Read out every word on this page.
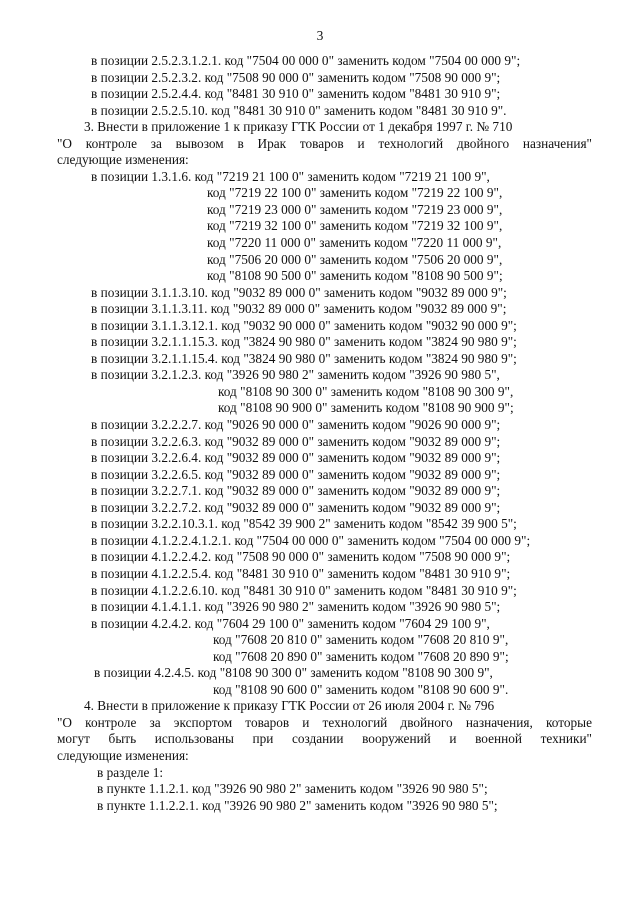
3
в позиции 2.5.2.3.1.2.1. код "7504 00 000 0" заменить кодом "7504 00 000 9";
в позиции 2.5.2.3.2. код "7508 90 000 0" заменить кодом "7508 90 000 9";
в позиции 2.5.2.4.4. код "8481 30 910 0" заменить кодом "8481 30 910 9";
в позиции 2.5.2.5.10. код "8481 30 910 0" заменить кодом "8481 30 910 9".
3. Внести в приложение 1 к приказу ГТК России от 1 декабря 1997 г. № 710
"О контроле за вывозом в Ирак товаров и технологий двойного назначения"
следующие изменения:
в позиции 1.3.1.6. код "7219 21 100 0" заменить кодом "7219 21 100 9",
код "7219 22 100 0" заменить кодом "7219 22 100 9",
код "7219 23 000 0" заменить кодом "7219 23 000 9",
код "7219 32 100 0" заменить кодом "7219 32 100 9",
код "7220 11 000 0" заменить кодом "7220 11 000 9",
код "7506 20 000 0" заменить кодом "7506 20 000 9",
код "8108 90 500 0" заменить кодом "8108 90 500 9";
в позиции 3.1.1.3.10. код "9032 89 000 0" заменить кодом "9032 89 000 9";
в позиции 3.1.1.3.11. код "9032 89 000 0" заменить кодом "9032 89 000 9";
в позиции 3.1.1.3.12.1. код "9032 90 000 0" заменить кодом "9032 90 000 9";
в позиции 3.2.1.1.15.3. код "3824 90 980 0" заменить кодом "3824 90 980 9";
в позиции 3.2.1.1.15.4. код "3824 90 980 0" заменить кодом "3824 90 980 9";
в позиции 3.2.1.2.3. код "3926 90 980 2" заменить кодом "3926 90 980 5",
код "8108 90 300 0" заменить кодом "8108 90 300 9",
код "8108 90 900 0" заменить кодом "8108 90 900 9";
в позиции 3.2.2.2.7. код "9026 90 000 0" заменить кодом "9026 90 000 9";
в позиции 3.2.2.6.3. код "9032 89 000 0" заменить кодом "9032 89 000 9";
в позиции 3.2.2.6.4. код "9032 89 000 0" заменить кодом "9032 89 000 9";
в позиции 3.2.2.6.5. код "9032 89 000 0" заменить кодом "9032 89 000 9";
в позиции 3.2.2.7.1. код "9032 89 000 0" заменить кодом "9032 89 000 9";
в позиции 3.2.2.7.2. код "9032 89 000 0" заменить кодом "9032 89 000 9";
в позиции 3.2.2.10.3.1. код "8542 39 900 2" заменить кодом "8542 39 900 5";
в позиции 4.1.2.2.4.1.2.1. код "7504 00 000 0" заменить кодом "7504 00 000 9";
в позиции 4.1.2.2.4.2. код "7508 90 000 0" заменить кодом "7508 90 000 9";
в позиции 4.1.2.2.5.4. код "8481 30 910 0" заменить кодом "8481 30 910 9";
в позиции 4.1.2.2.6.10. код "8481 30 910 0" заменить кодом "8481 30 910 9";
в позиции 4.1.4.1.1. код "3926 90 980 2" заменить кодом "3926 90 980 5";
в позиции 4.2.4.2. код "7604 29 100 0" заменить кодом "7604 29 100 9",
код "7608 20 810 0" заменить кодом "7608 20 810 9",
код "7608 20 890 0" заменить кодом "7608 20 890 9";
в позиции 4.2.4.5. код "8108 90 300 0" заменить кодом "8108 90 300 9",
код "8108 90 600 0" заменить кодом "8108 90 600 9".
4. Внести в приложение к приказу ГТК России от 26 июля 2004 г. № 796
"О контроле за экспортом товаров и технологий двойного назначения, которые
могут быть использованы при создании вооружений и военной техники"
следующие изменения:
в разделе 1:
в пункте 1.1.2.1. код "3926 90 980 2" заменить кодом "3926 90 980 5";
в пункте 1.1.2.2.1. код "3926 90 980 2" заменить кодом "3926 90 980 5";
